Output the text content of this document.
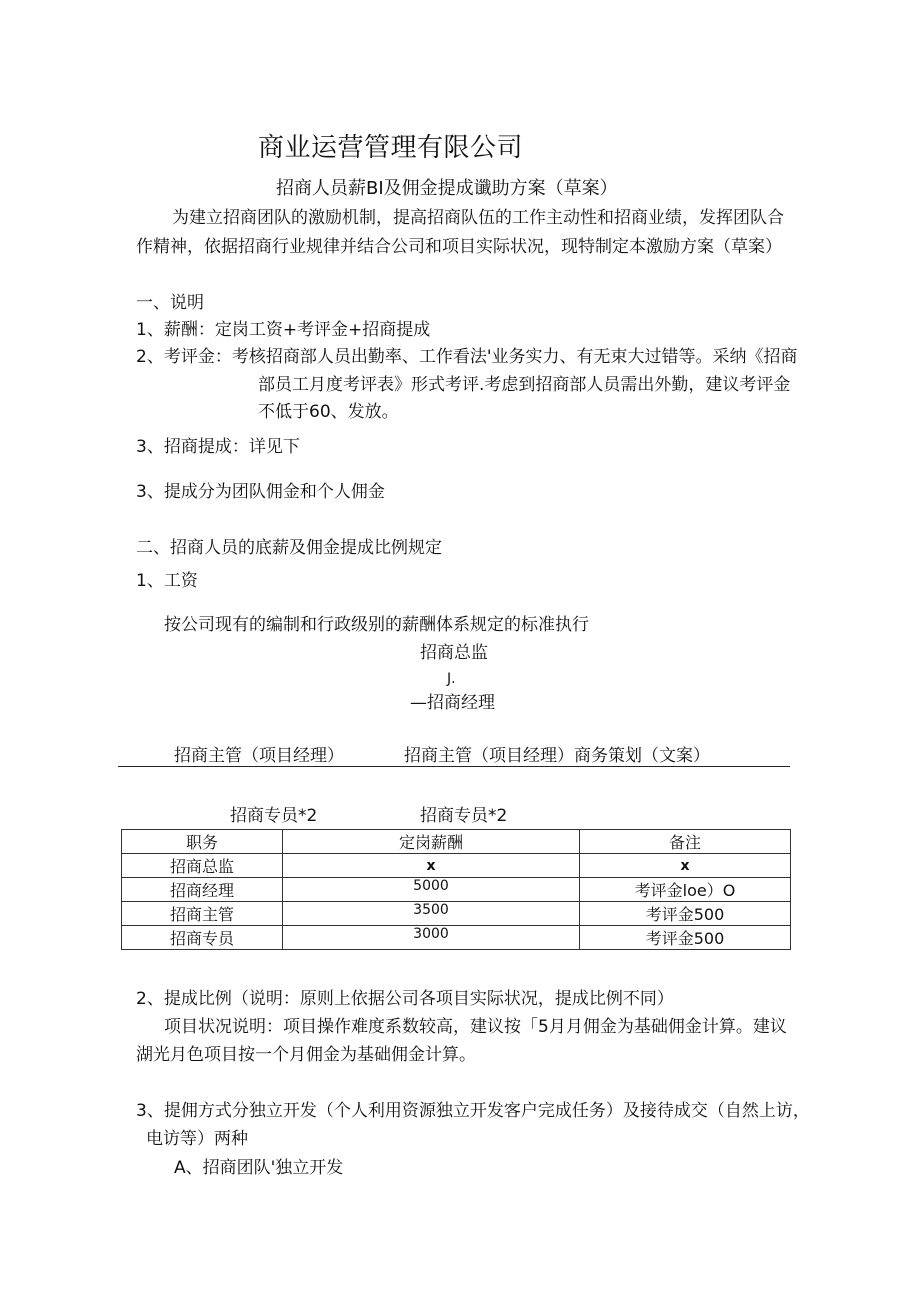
商业运营管理有限公司
招商人员薪BI及佣金提成谶助方案（草案）
为建立招商团队的激励机制，提高招商队伍的工作主动性和招商业绩，发挥团队合
作精神，依据招商行业规律并结合公司和项目实际状况，现特制定本激励方案（草案）
一、说明
1、薪酬：定岗工资+考评金+招商提成
2、考评金：考核招商部人员出勤率、工作看法'业务实力、有无束大过错等。采纳《招商
部员工月度考评表》形式考评.考虑到招商部人员需出外勤，建议考评金
不低于60、发放。
3、招商提成：详见下
3、提成分为团队佣金和个人佣金
二、招商人员的底薪及佣金提成比例规定
1、工资
按公司现有的编制和行政级别的薪酬体系规定的标准执行
招商总监
J.
—招商经理
招商主管（项目经理）	招商主管（项目经理）商务策划（文案）
招商专员*2	招商专员*2
职务	定岗薪酬	备注
招商总监	x	x
招商经理	5000	考评金loe）O
招商主管	3500	考评金500
招商专员	3000	考评金500
2、提成比例（说明：原则上依据公司各项目实际状况，提成比例不同）
项目状况说明：项目操作难度系数较高，建议按「5月月佣金为基础佣金计算。建议
湖光月色项目按一个月佣金为基础佣金计算。
3、提佣方式分独立开发（个人利用资源独立开发客户完成任务）及接待成交（自然上访，
电访等）两种
A、招商团队'独立开发
